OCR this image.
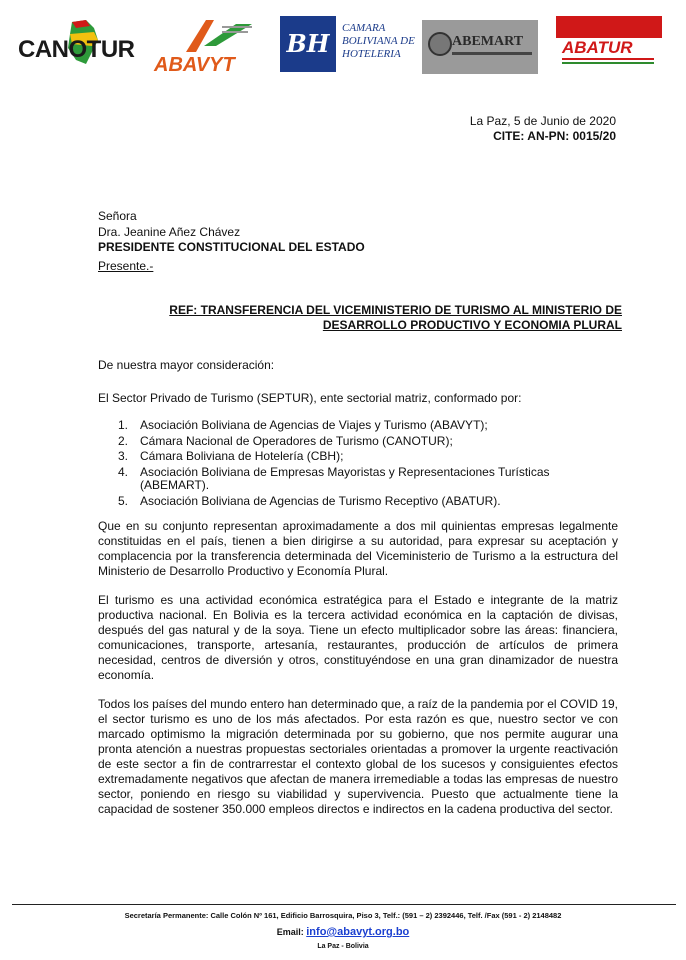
CANOTUR
ABAVYT
BH
CAMARA BOLIVIANA DE HOTELERIA
ABEMART ABATUR
La Paz, 5 de Junio de 2020
CITE: AN-PN: 0015/20
Señora
Dra. Jeanine Añez Chávez
PRESIDENTE CONSTITUCIONAL DEL ESTADO
Presente.-
REF: TRANSFERENCIA DEL VICEMINISTERIO DE TURISMO AL MINISTERIO DE DESARROLLO PRODUCTIVO Y ECONOMIA PLURAL
De nuestra mayor consideración:
El Sector Privado de Turismo (SEPTUR), ente sectorial matriz, conformado por:
1. Asociación Boliviana de Agencias de Viajes y Turismo (ABAVYT);
2. Cámara Nacional de Operadores de Turismo (CANOTUR);
3. Cámara Boliviana de Hotelería (CBH);
4. Asociación Boliviana de Empresas Mayoristas y Representaciones Turísticas (ABEMART).
5. Asociación Boliviana de Agencias de Turismo Receptivo (ABATUR).
Que en su conjunto representan aproximadamente a dos mil quinientas empresas legalmente constituidas en el país, tienen a bien dirigirse a su autoridad, para expresar su aceptación y complacencia por la transferencia determinada del Viceministerio de Turismo a la estructura del Ministerio de Desarrollo Productivo y Economía Plural.
El turismo es una actividad económica estratégica para el Estado e integrante de la matriz productiva nacional. En Bolivia es la tercera actividad económica en la captación de divisas, después del gas natural y de la soya. Tiene un efecto multiplicador sobre las áreas: financiera, comunicaciones, transporte, artesanía, restaurantes, producción de artículos de primera necesidad, centros de diversión y otros, constituyéndose en una gran dinamizador de nuestra economía.
Todos los países del mundo entero han determinado que, a raíz de la pandemia por el COVID 19, el sector turismo es uno de los más afectados. Por esta razón es que, nuestro sector ve con marcado optimismo la migración determinada por su gobierno, que nos permite augurar una pronta atención a nuestras propuestas sectoriales orientadas a promover la urgente reactivación de este sector a fin de contrarrestar el contexto global de los sucesos y consiguientes efectos extremadamente negativos que afectan de manera irremediable a todas las empresas de nuestro sector, poniendo en riesgo su viabilidad y supervivencia. Puesto que actualmente tiene la capacidad de sostener 350.000 empleos directos e indirectos en la cadena productiva del sector.
Secretaría Permanente: Calle Colón Nº 161, Edificio Barrosquira, Piso 3, Telf.: (591 – 2) 2392446, Telf. /Fax (591 - 2) 2148482
Email: info@abavyt.org.bo
La Paz - Bolivia
